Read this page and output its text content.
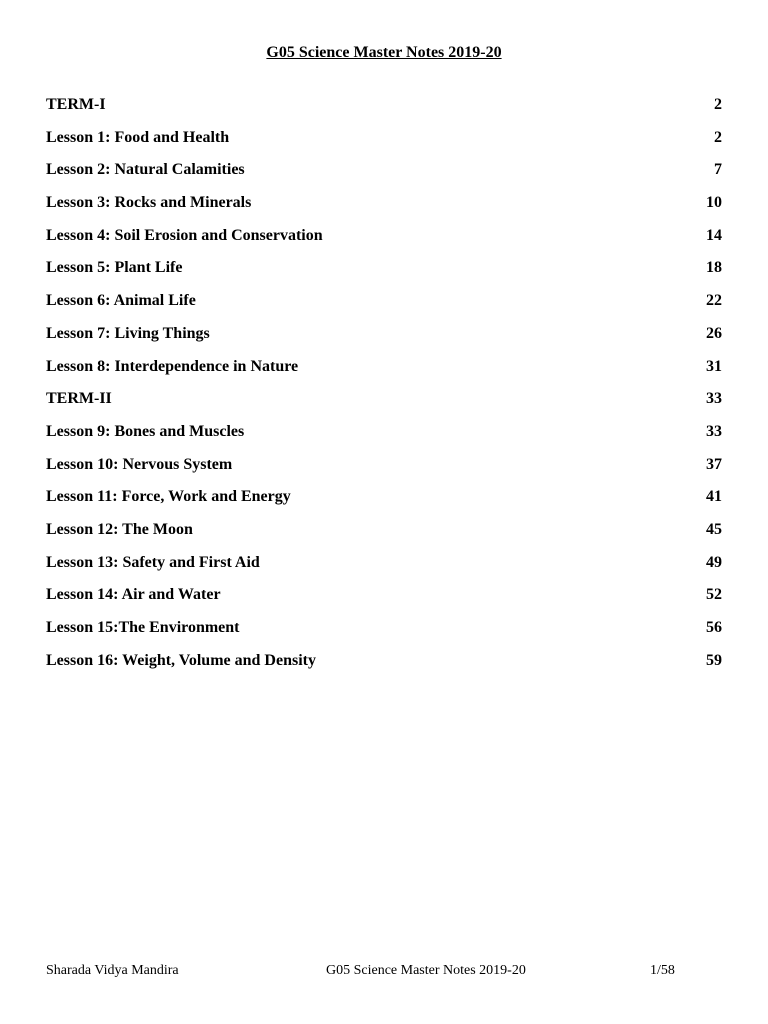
G05 Science Master Notes 2019-20
TERM-I	2
Lesson 1: Food and Health	2
Lesson 2: Natural Calamities	7
Lesson 3: Rocks and Minerals	10
Lesson 4: Soil Erosion and Conservation	14
Lesson 5: Plant Life	18
Lesson 6: Animal Life	22
Lesson 7: Living Things	26
Lesson 8: Interdependence in Nature	31
TERM-II	33
Lesson 9: Bones and Muscles	33
Lesson 10: Nervous System	37
Lesson 11: Force, Work and Energy	41
Lesson 12: The Moon	45
Lesson 13: Safety and First Aid	49
Lesson 14: Air and Water	52
Lesson 15:The Environment	56
Lesson 16: Weight, Volume and Density	59
Sharada Vidya Mandira	G05 Science Master Notes 2019-20	1/58
